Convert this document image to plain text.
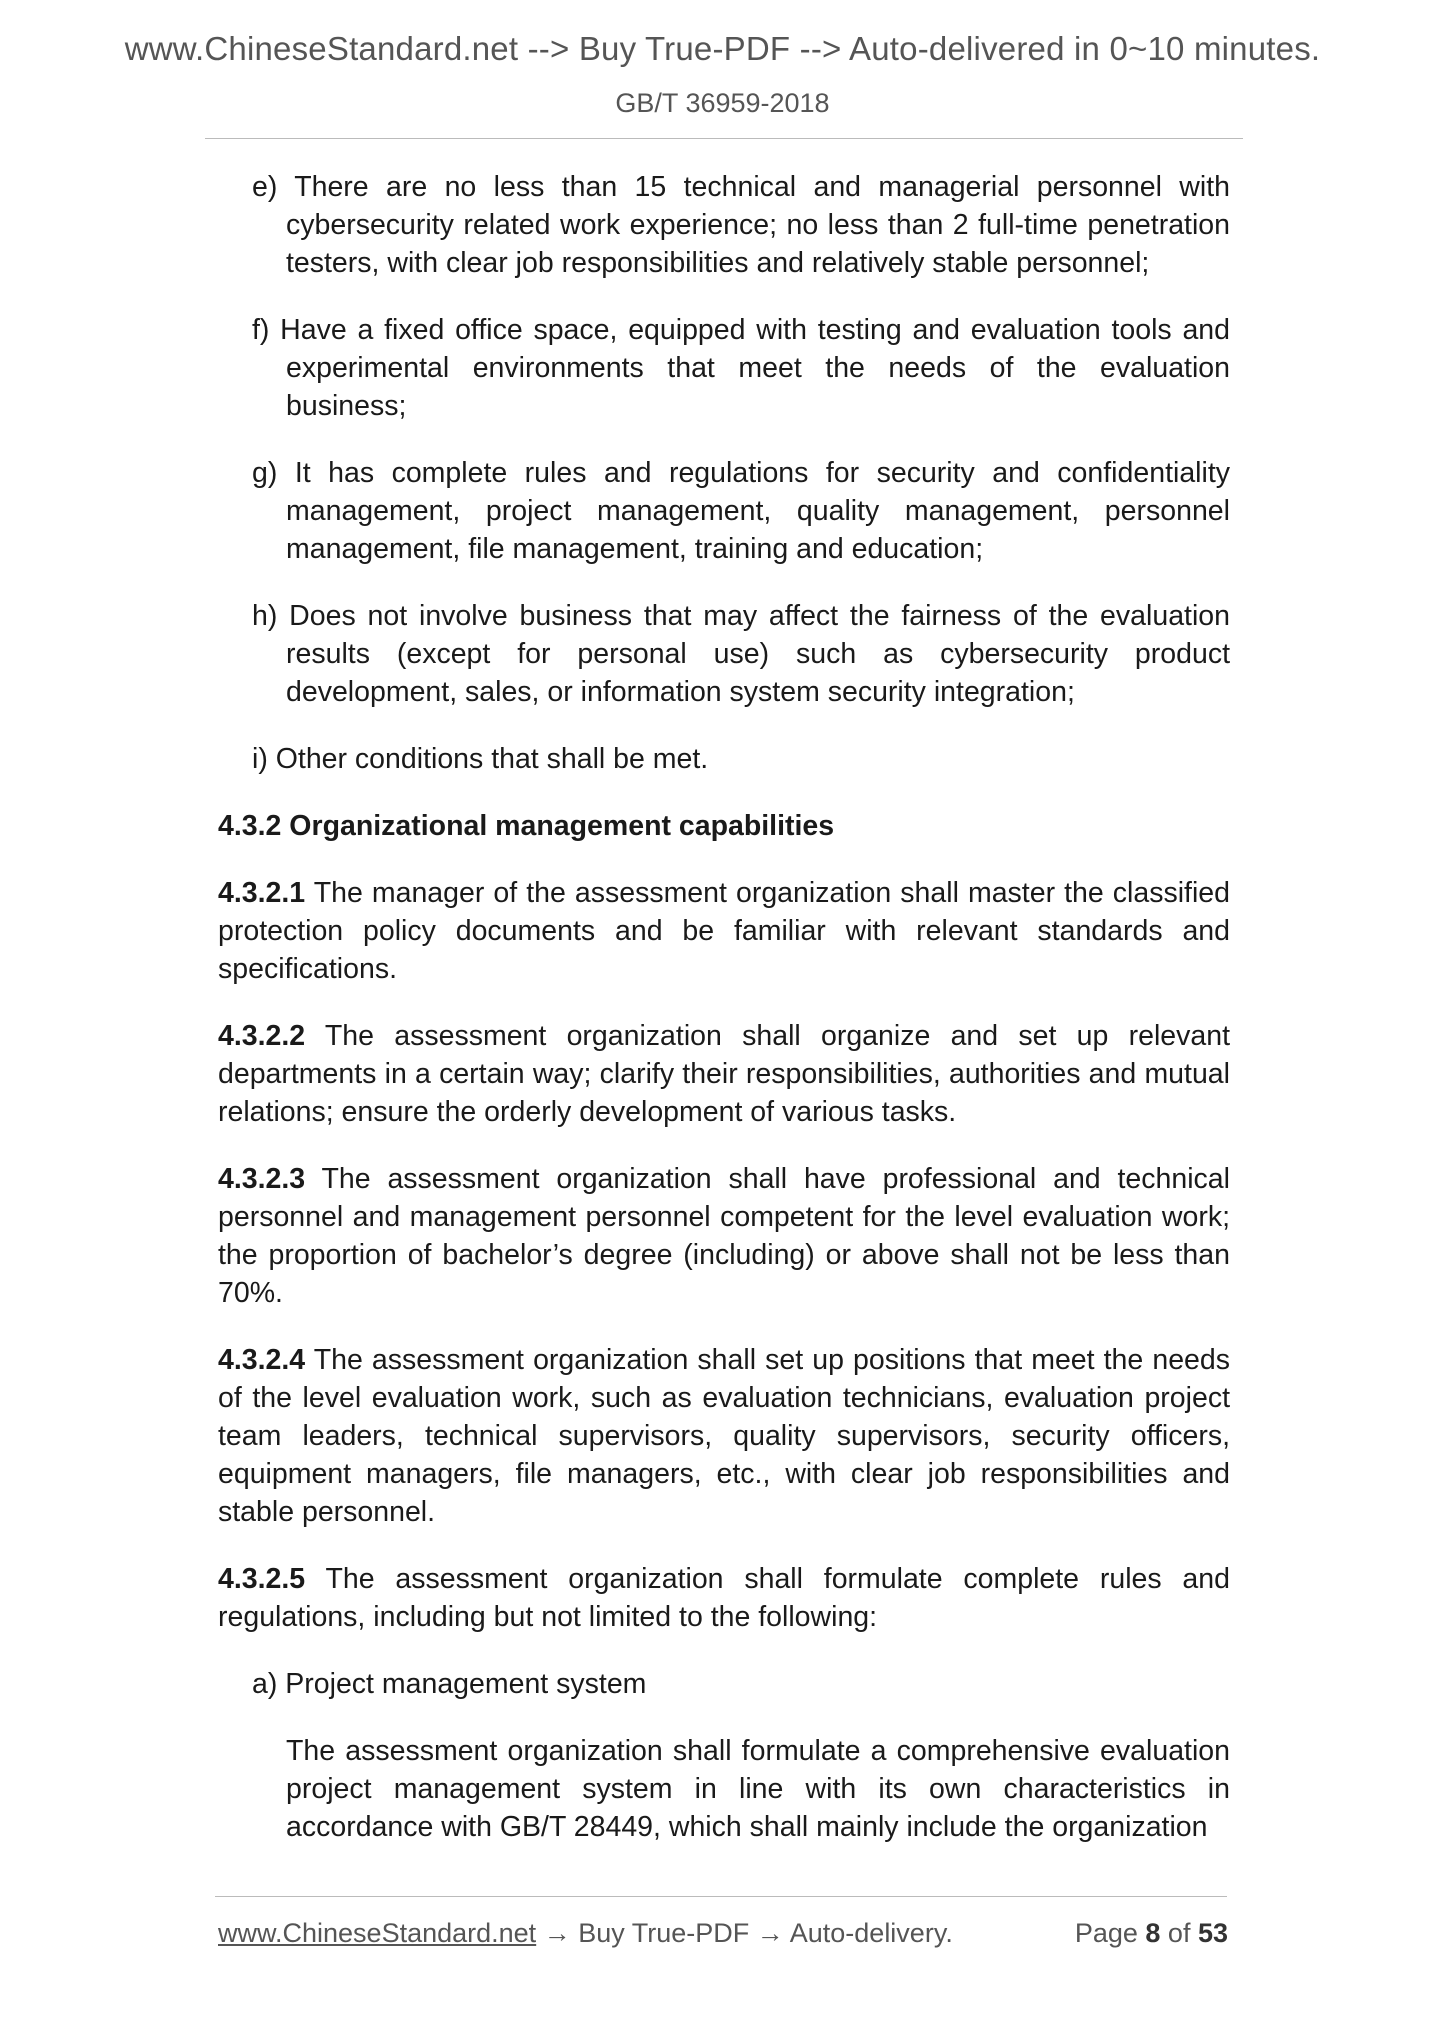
www.ChineseStandard.net --> Buy True-PDF --> Auto-delivered in 0~10 minutes.
GB/T 36959-2018

e) There are no less than 15 technical and managerial personnel with cybersecurity related work experience; no less than 2 full-time penetration testers, with clear job responsibilities and relatively stable personnel;

f) Have a fixed office space, equipped with testing and evaluation tools and experimental environments that meet the needs of the evaluation business;

g) It has complete rules and regulations for security and confidentiality management, project management, quality management, personnel management, file management, training and education;

h) Does not involve business that may affect the fairness of the evaluation results (except for personal use) such as cybersecurity product development, sales, or information system security integration;

i) Other conditions that shall be met.

4.3.2 Organizational management capabilities

4.3.2.1 The manager of the assessment organization shall master the classified protection policy documents and be familiar with relevant standards and specifications.

4.3.2.2 The assessment organization shall organize and set up relevant departments in a certain way; clarify their responsibilities, authorities and mutual relations; ensure the orderly development of various tasks.

4.3.2.3 The assessment organization shall have professional and technical personnel and management personnel competent for the level evaluation work; the proportion of bachelor’s degree (including) or above shall not be less than 70%.

4.3.2.4 The assessment organization shall set up positions that meet the needs of the level evaluation work, such as evaluation technicians, evaluation project team leaders, technical supervisors, quality supervisors, security officers, equipment managers, file managers, etc., with clear job responsibilities and stable personnel.

4.3.2.5 The assessment organization shall formulate complete rules and regulations, including but not limited to the following:

a) Project management system

The assessment organization shall formulate a comprehensive evaluation project management system in line with its own characteristics in accordance with GB/T 28449, which shall mainly include the organization

www.ChineseStandard.net → Buy True-PDF → Auto-delivery.	Page 8 of 53
